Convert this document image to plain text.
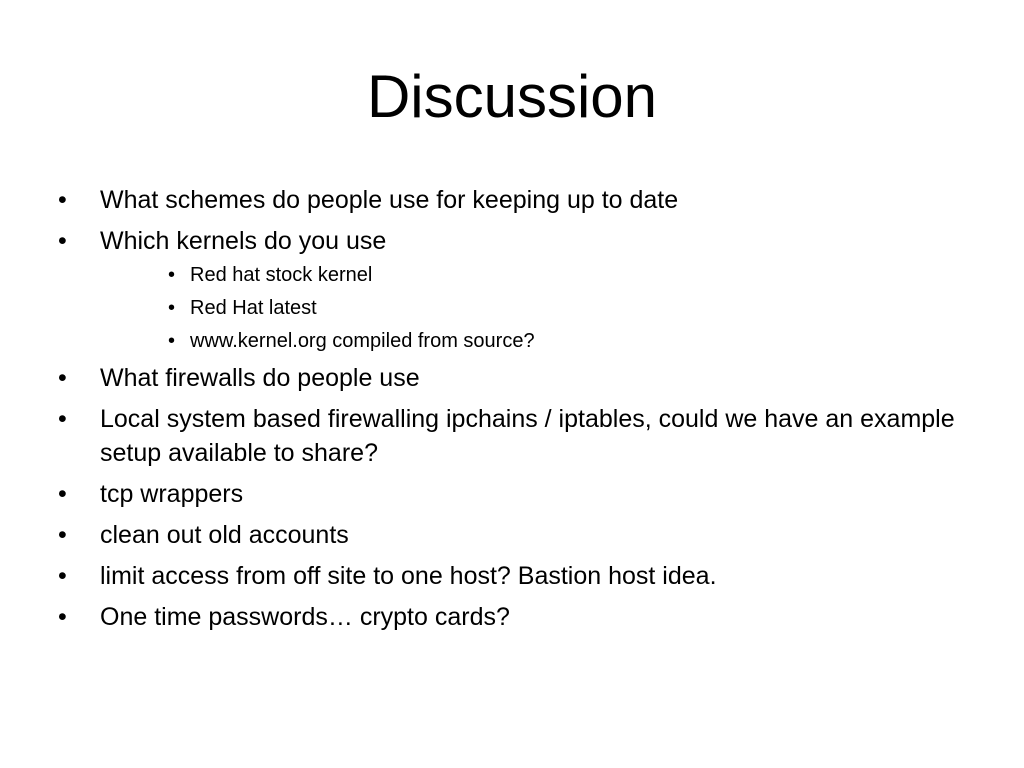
Discussion
• What schemes do people use for keeping up to date
• Which kernels do you use
• Red hat stock kernel
• Red Hat latest
• www.kernel.org compiled from source?
• What firewalls do people use
• Local system based firewalling ipchains / iptables, could we have an example setup available to share?
• tcp wrappers
• clean out old accounts
• limit access from off site to one host? Bastion host idea.
• One time passwords… crypto cards?
